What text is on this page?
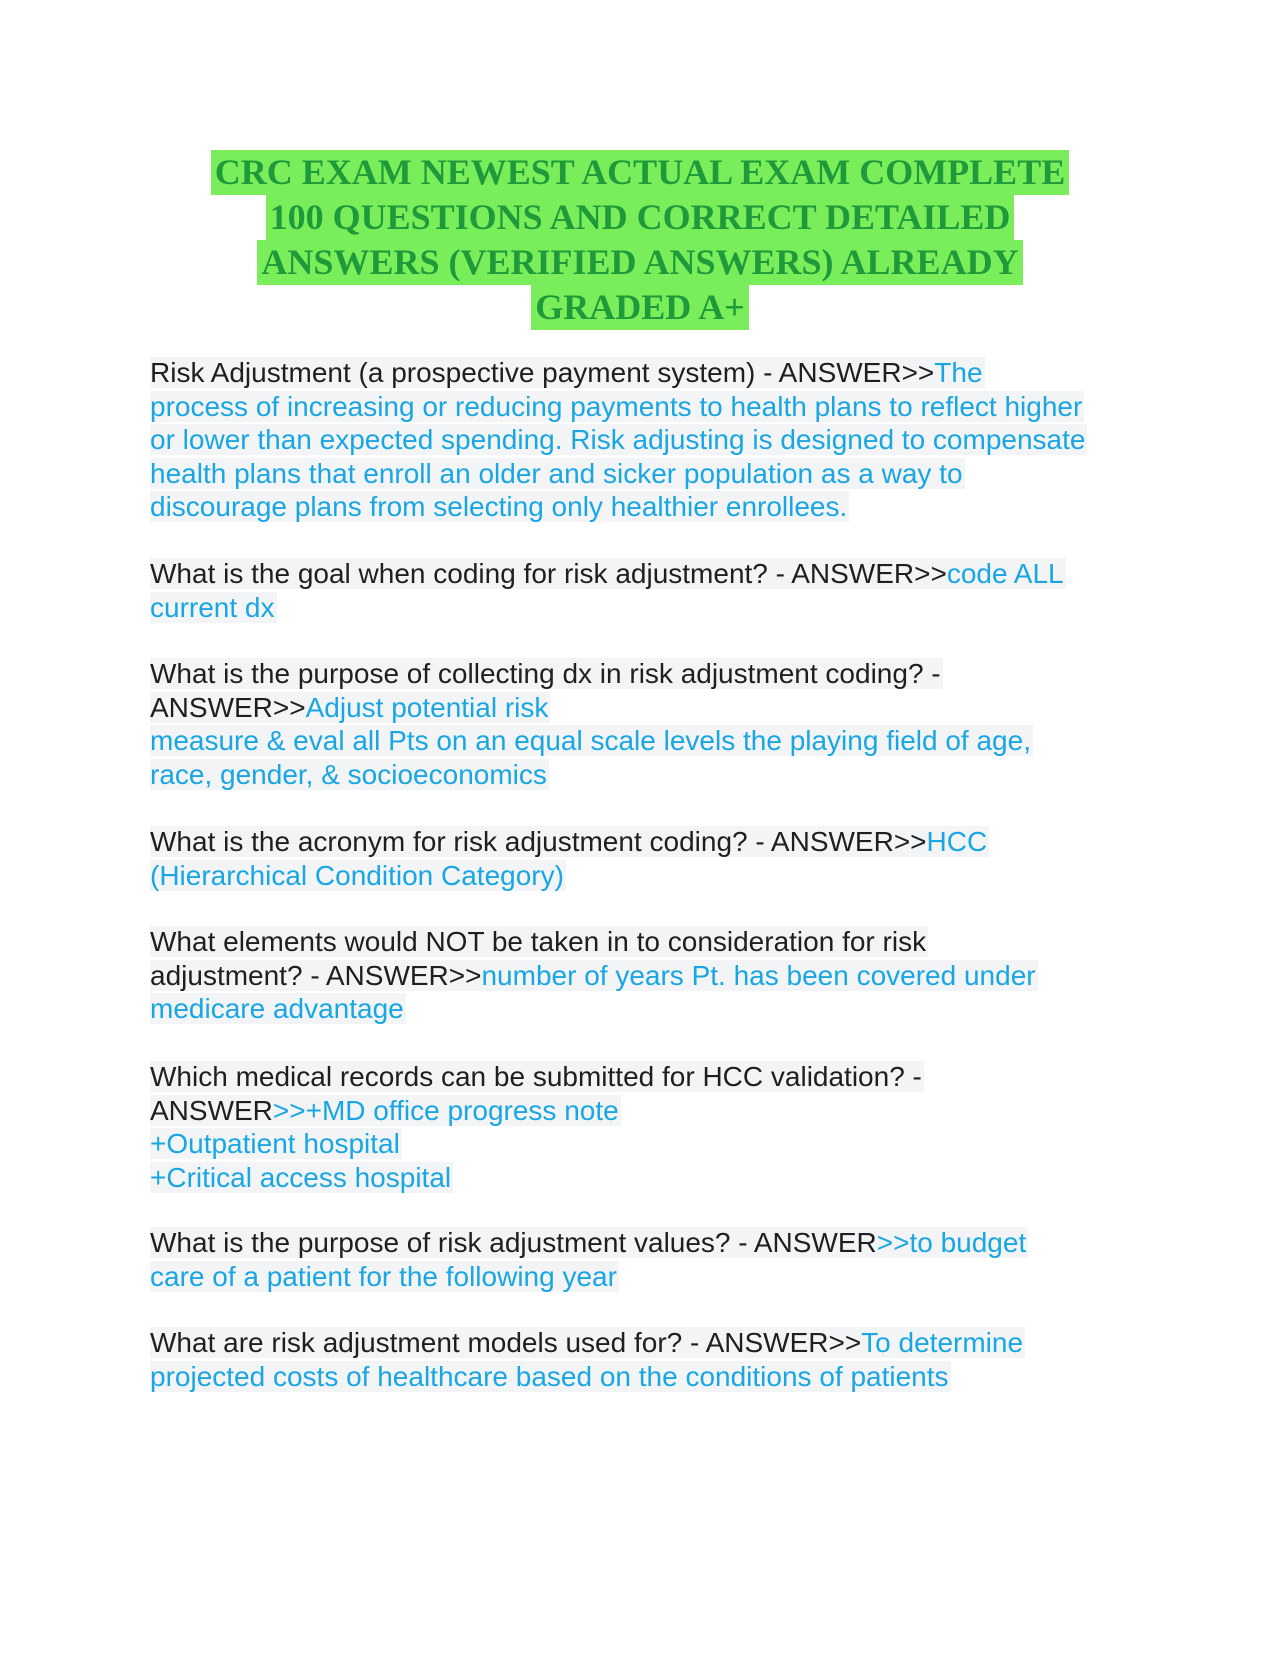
CRC EXAM NEWEST ACTUAL EXAM COMPLETE
100 QUESTIONS AND CORRECT DETAILED
ANSWERS (VERIFIED ANSWERS) ALREADY
GRADED A+
Risk Adjustment (a prospective payment system) - ANSWER>>The
process of increasing or reducing payments to health plans to reflect higher
or lower than expected spending. Risk adjusting is designed to compensate
health plans that enroll an older and sicker population as a way to
discourage plans from selecting only healthier enrollees.
What is the goal when coding for risk adjustment? - ANSWER>>code ALL
current dx
What is the purpose of collecting dx in risk adjustment coding? -
ANSWER>>Adjust potential risk
measure & eval all Pts on an equal scale levels the playing field of age,
race, gender, & socioeconomics
What is the acronym for risk adjustment coding? - ANSWER>>HCC
(Hierarchical Condition Category)
What elements would NOT be taken in to consideration for risk
adjustment? - ANSWER>>number of years Pt. has been covered under
medicare advantage
Which medical records can be submitted for HCC validation? -
ANSWER>>+MD office progress note
+Outpatient hospital
+Critical access hospital
What is the purpose of risk adjustment values? - ANSWER>>to budget
care of a patient for the following year
What are risk adjustment models used for? - ANSWER>>To determine
projected costs of healthcare based on the conditions of patients
